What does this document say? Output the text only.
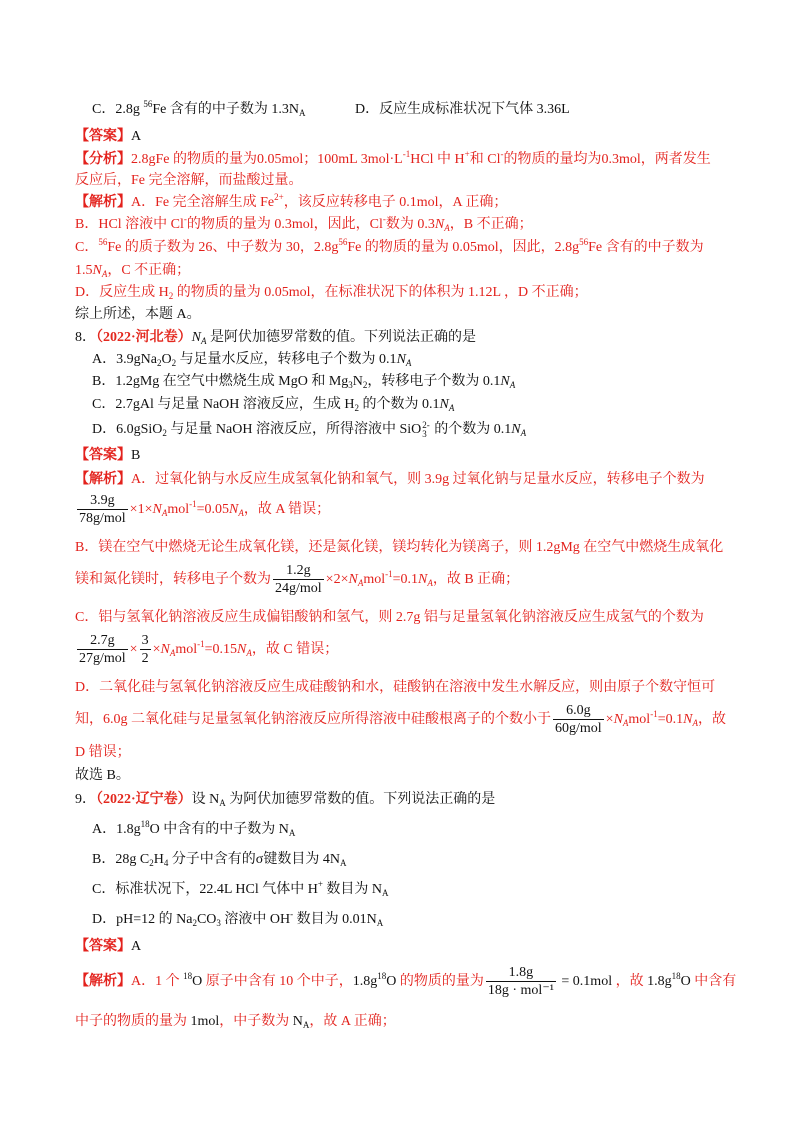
C．2.8g $^{56}$Fe 含有的中子数为 $1.3N_A$	D．反应生成标准状况下气体 3.36L
【答案】A
【分析】2.8gFe 的物质的量为0.05mol；100mL $3mol\cdot L^{-1}HCl$ 中 H+和 Cl-的物质的量均为0.3mol，两者发生
反应后，Fe 完全溶解，而盐酸过量。
【解析】A．Fe 完全溶解生成 $Fe^{2+}$，该反应转移电子 0.1mol，A 正确；
B．HCl 溶液中 Cl-的物质的量为 0.3mol，因此，Cl-数为 $0.3N_A$，B 不正确；
C．$^{56}$Fe 的质子数为 26、中子数为 30，$2.8g^{56}Fe$ 的物质的量为 0.05mol，因此，$2.8g^{56}Fe$ 含有的中子数为
$1.5N_A$，C 不正确；
D．反应生成 $H_2$ 的物质的量为 0.05mol，在标准状况下的体积为 1.12L ，D 不正确；
综上所述，本题 A。
8．（2022·河北卷）$N_A$ 是阿伏加德罗常数的值。下列说法正确的是
A．$3.9gNa_2O_2$ 与足量水反应，转移电子个数为 $0.1N_A$
B．1.2gMg 在空气中燃烧生成 MgO 和 $Mg_3N_2$，转移电子个数为 $0.1N_A$
C．2.7gAl 与足量 NaOH 溶液反应，生成 $H_2$ 的个数为 $0.1N_A$
D．6.0gSiO$_2$ 与足量 NaOH 溶液反应，所得溶液中 SiO 2-
3 的个数为 $0.1N_A$
【答案】B
【解析】A．过氧化钠与水反应生成氢氧化钠和氧气，则 3.9g 过氧化钠与足量水反应，转移电子个数为
$\frac{3.9g}{\text{78g/mol}} \times 1\times N_Amol^{-1}=0.05N_A$，故 A 错误；
B．镁在空气中燃烧无论生成氧化镁，还是氮化镁，镁均转化为镁离子，则 1.2gMg 在空气中燃烧生成氧化
镁和氮化镁时，转移电子个数为 $\frac{1.2g}{\text{24g/mol}} \times 2\times N_Amol^{-1}=0.1N_A$，故 B 正确；
C．铝与氢氧化钠溶液反应生成偏铝酸钠和氢气，则 2.7g 铝与足量氢氧化钠溶液反应生成氢气的个数为
$\frac{2.7g}{\text{27g/mol}} \times \frac{3}{2} \times N_Amol^{-1}=0.15N_A$，故 C 错误；
D．二氧化硅与氢氧化钠溶液反应生成硅酸钠和水，硅酸钠在溶液中发生水解反应，则由原子个数守恒可
知，6.0g 二氧化硅与足量氢氧化钠溶液反应所得溶液中硅酸根离子的个数小于 $\frac{6.0g}{\text{60g/mol}} \times N_Amol^{-1}=0.1N_A$，故
D 错误；
故选 B。
9．（2022·辽宁卷）设 $N_A$ 为阿伏加德罗常数的值。下列说法正确的是
A．$1.8g^{18}O$ 中含有的中子数为 $N_A$
B．28g $C_2H_4$ 分子中含有的σ键数目为 $4N_A$
C．标准状况下，22.4L HCl 气体中 H+ 数目为 $N_A$
D．pH=12 的 $Na_2CO_3$ 溶液中 OH- 数目为 $0.01N_A$
【答案】A
【解析】A．1 个 $^{18}$O 原子中含有 10 个中子，$1.8g^{18}O$ 的物质的量为 $\frac{1.8g}{\text{18g · mol⁻¹}} = 0.1mol$ ，故 $1.8g^{18}O$ 中含有
中子的物质的量为 1mol，中子数为 $N_A$，故 A 正确；
